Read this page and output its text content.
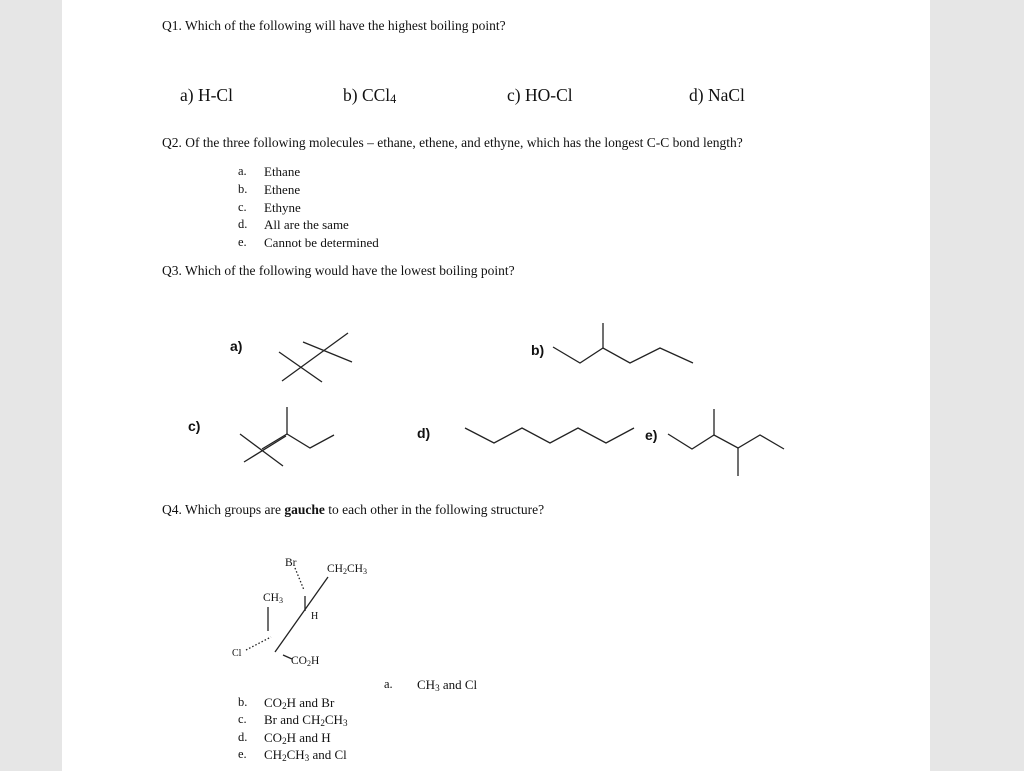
Q1. Which of the following will have the highest boiling point?
a) H-Cl	b) CCl$_4$	c) HO-Cl	d) NaCl
Q2. Of the three following molecules – ethane, ethene, and ethyne, which has the longest C-C bond length?
a. Ethane
b. Ethene
c. Ethyne
d. All are the same
e. Cannot be determined
Q3. Which of the following would have the lowest boiling point?
a)	b)
c)	d)	e)
Q4. Which groups are gauche to each other in the following structure?
Br	$CH_2CH_3$
$CH_3$
H
Cl
$CO_2H$
a. $CH_3$ and Cl
b. $CO_2H$ and Br
c. Br and $CH_2CH_3$
d. $CO_2H$ and H
e. $CH_2CH_3$ and Cl
